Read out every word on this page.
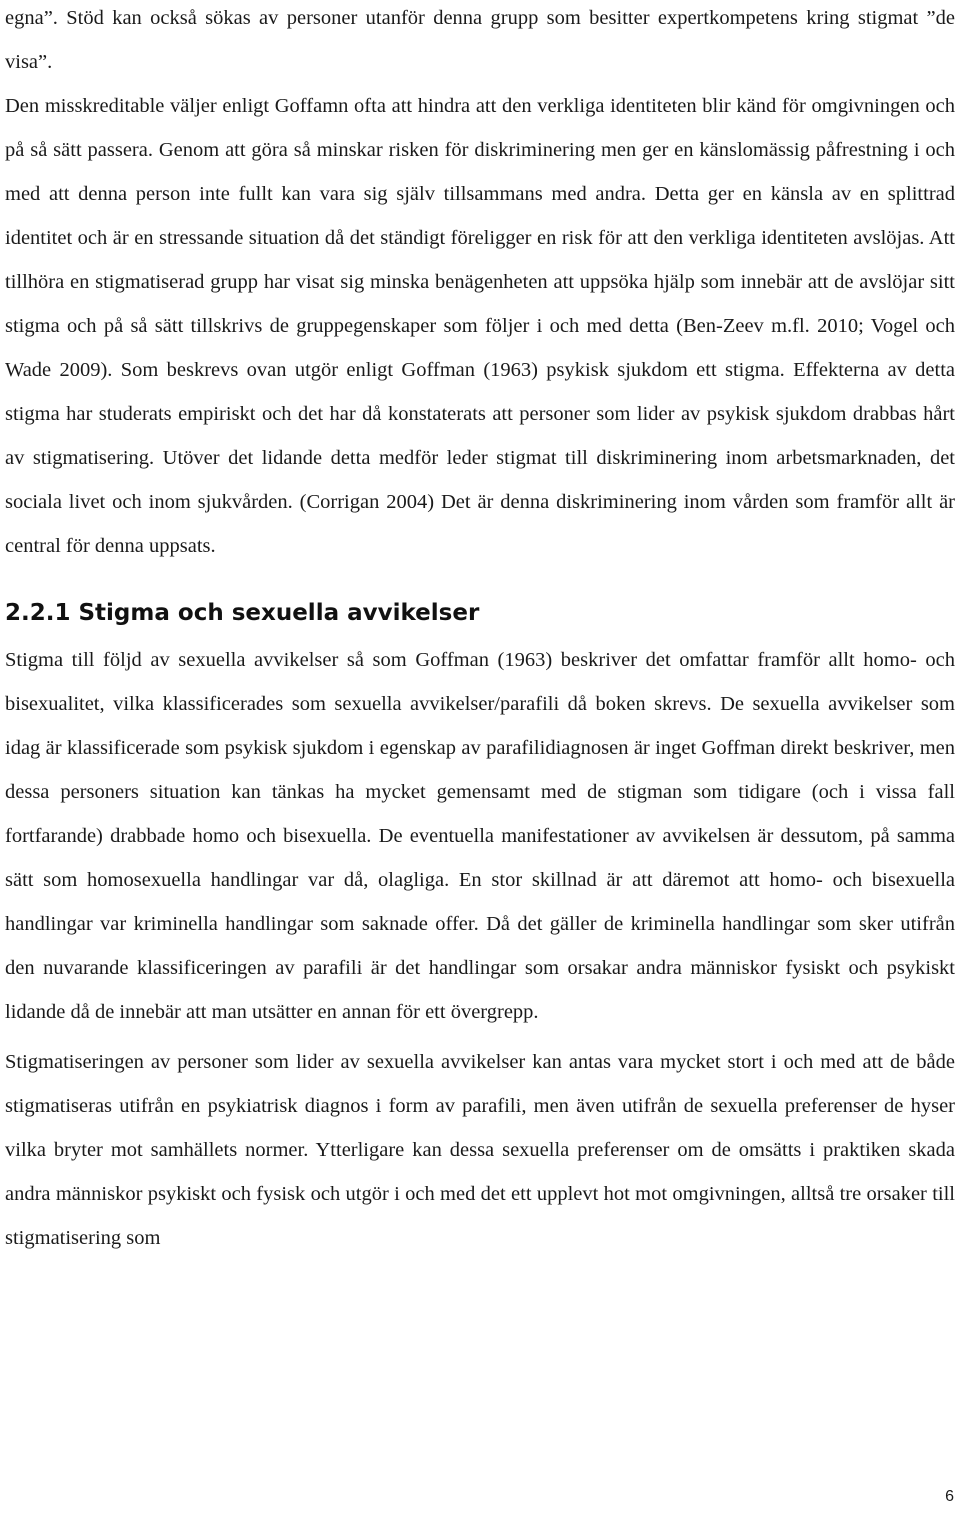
egna”. Stöd kan också sökas av personer utanför denna grupp som besitter expertkompetens kring stigmat ”de visa”.

Den misskreditable väljer enligt Goffamn ofta att hindra att den verkliga identiteten blir känd för omgivningen och på så sätt passera. Genom att göra så minskar risken för diskriminering men ger en känslomässig påfrestning i och med att denna person inte fullt kan vara sig själv tillsammans med andra. Detta ger en känsla av en splittrad identitet och är en stressande situation då det ständigt föreligger en risk för att den verkliga identiteten avslöjas. Att tillhöra en stigmatiserad grupp har visat sig minska benägenheten att uppsöka hjälp som innebär att de avslöjar sitt stigma och på så sätt tillskrivs de gruppegenskaper som följer i och med detta (Ben-Zeev m.fl. 2010; Vogel och Wade 2009). Som beskrevs ovan utgör enligt Goffman (1963) psykisk sjukdom ett stigma. Effekterna av detta stigma har studerats empiriskt och det har då konstaterats att personer som lider av psykisk sjukdom drabbas hårt av stigmatisering. Utöver det lidande detta medför leder stigmat till diskriminering inom arbetsmarknaden, det sociala livet och inom sjukvården. (Corrigan 2004) Det är denna diskriminering inom vården som framför allt är central för denna uppsats.

2.2.1 Stigma och sexuella avvikelser

Stigma till följd av sexuella avvikelser så som Goffman (1963) beskriver det omfattar framför allt homo- och bisexualitet, vilka klassificerades som sexuella avvikelser/parafili då boken skrevs. De sexuella avvikelser som idag är klassificerade som psykisk sjukdom i egenskap av parafilidiagnosen är inget Goffman direkt beskriver, men dessa personers situation kan tänkas ha mycket gemensamt med de stigman som tidigare (och i vissa fall fortfarande) drabbade homo och bisexuella. De eventuella manifestationer av avvikelsen är dessutom, på samma sätt som homosexuella handlingar var då, olagliga. En stor skillnad är att däremot att homo- och bisexuella handlingar var kriminella handlingar som saknade offer. Då det gäller de kriminella handlingar som sker utifrån den nuvarande klassificeringen av parafili är det handlingar som orsakar andra människor fysiskt och psykiskt lidande då de innebär att man utsätter en annan för ett övergrepp.

Stigmatiseringen av personer som lider av sexuella avvikelser kan antas vara mycket stort i och med att de både stigmatiseras utifrån en psykiatrisk diagnos i form av parafili, men även utifrån de sexuella preferenser de hyser vilka bryter mot samhällets normer. Ytterligare kan dessa sexuella preferenser om de omsätts i praktiken skada andra människor psykiskt och fysisk och utgör i och med det ett upplevt hot mot omgivningen, alltså tre orsaker till stigmatisering som

6
